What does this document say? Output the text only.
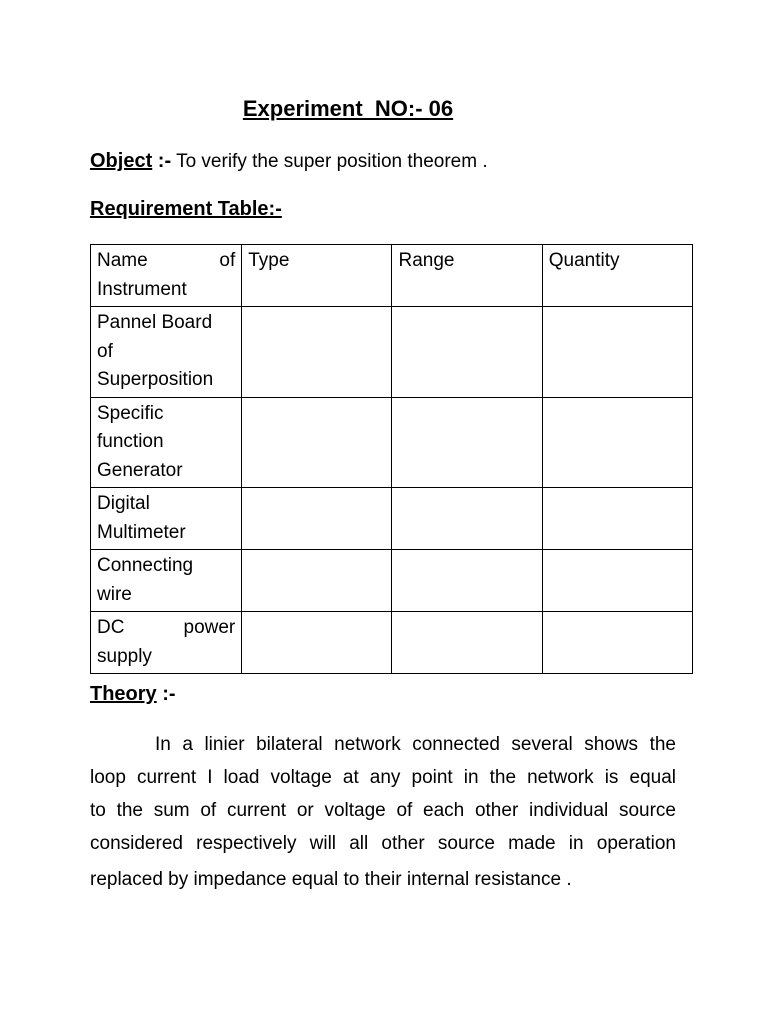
Experiment  NO:- 06
Object :- To verify the super position theorem .
Requirement Table:-
Name of
Instrument	Type	Range	Quantity

Pannel Board
of
Superposition			

Specific
function
Generator			

Digital
Multimeter			

Connecting
wire			

DC power
supply			

Theory :-
In a linier bilateral network connected several shows the
loop current I load voltage at any point in the network is equal
to the sum of current or voltage of each other individual source
considered respectively will all other source made in operation
replaced by impedance equal to their internal resistance .
